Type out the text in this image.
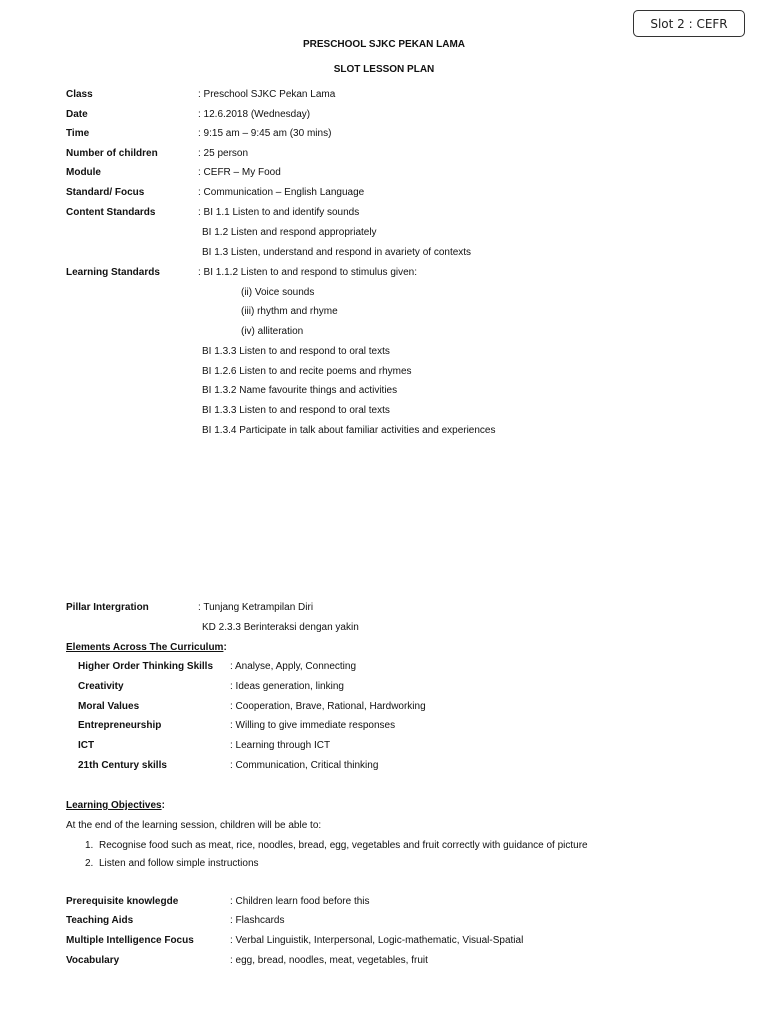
Slot 2 : CEFR
PRESCHOOL SJKC PEKAN LAMA
SLOT LESSON PLAN
Class	: Preschool SJKC Pekan Lama
Date	: 12.6.2018 (Wednesday)
Time	: 9:15 am – 9:45 am (30 mins)
Number of children	: 25 person
Module	: CEFR – My Food
Standard/ Focus	: Communication – English Language
Content Standards	: BI 1.1 Listen to and identify sounds
BI 1.2 Listen and respond appropriately
BI 1.3 Listen, understand and respond in avariety of contexts
Learning Standards	: BI 1.1.2 Listen to and respond to stimulus given:
(ii) Voice sounds
(iii) rhythm and rhyme
(iv) alliteration
BI 1.3.3 Listen to and respond to oral texts
BI 1.2.6 Listen to and recite poems and rhymes
BI 1.3.2 Name favourite things and activities
BI 1.3.3 Listen to and respond to oral texts
BI 1.3.4 Participate in talk about familiar activities and experiences
Pillar Intergration	: Tunjang Ketrampilan Diri
KD 2.3.3 Berinteraksi dengan yakin
Elements Across The Curriculum:
Higher Order Thinking Skills : Analyse, Apply, Connecting
Creativity	: Ideas generation, linking
Moral Values	: Cooperation, Brave, Rational, Hardworking
Entrepreneurship	: Willing to give immediate responses
ICT	: Learning through ICT
21th Century skills	: Communication, Critical thinking
Learning Objectives:
At the end of the learning session, children will be able to:
1. Recognise food such as meat, rice, noodles, bread, egg, vegetables and fruit correctly with guidance of picture
2. Listen and follow simple instructions
Prerequisite knowlegde	: Children learn food before this
Teaching Aids	: Flashcards
Multiple Intelligence Focus	: Verbal Linguistik, Interpersonal, Logic-mathematic, Visual-Spatial
Vocabulary	: egg, bread, noodles, meat, vegetables, fruit
